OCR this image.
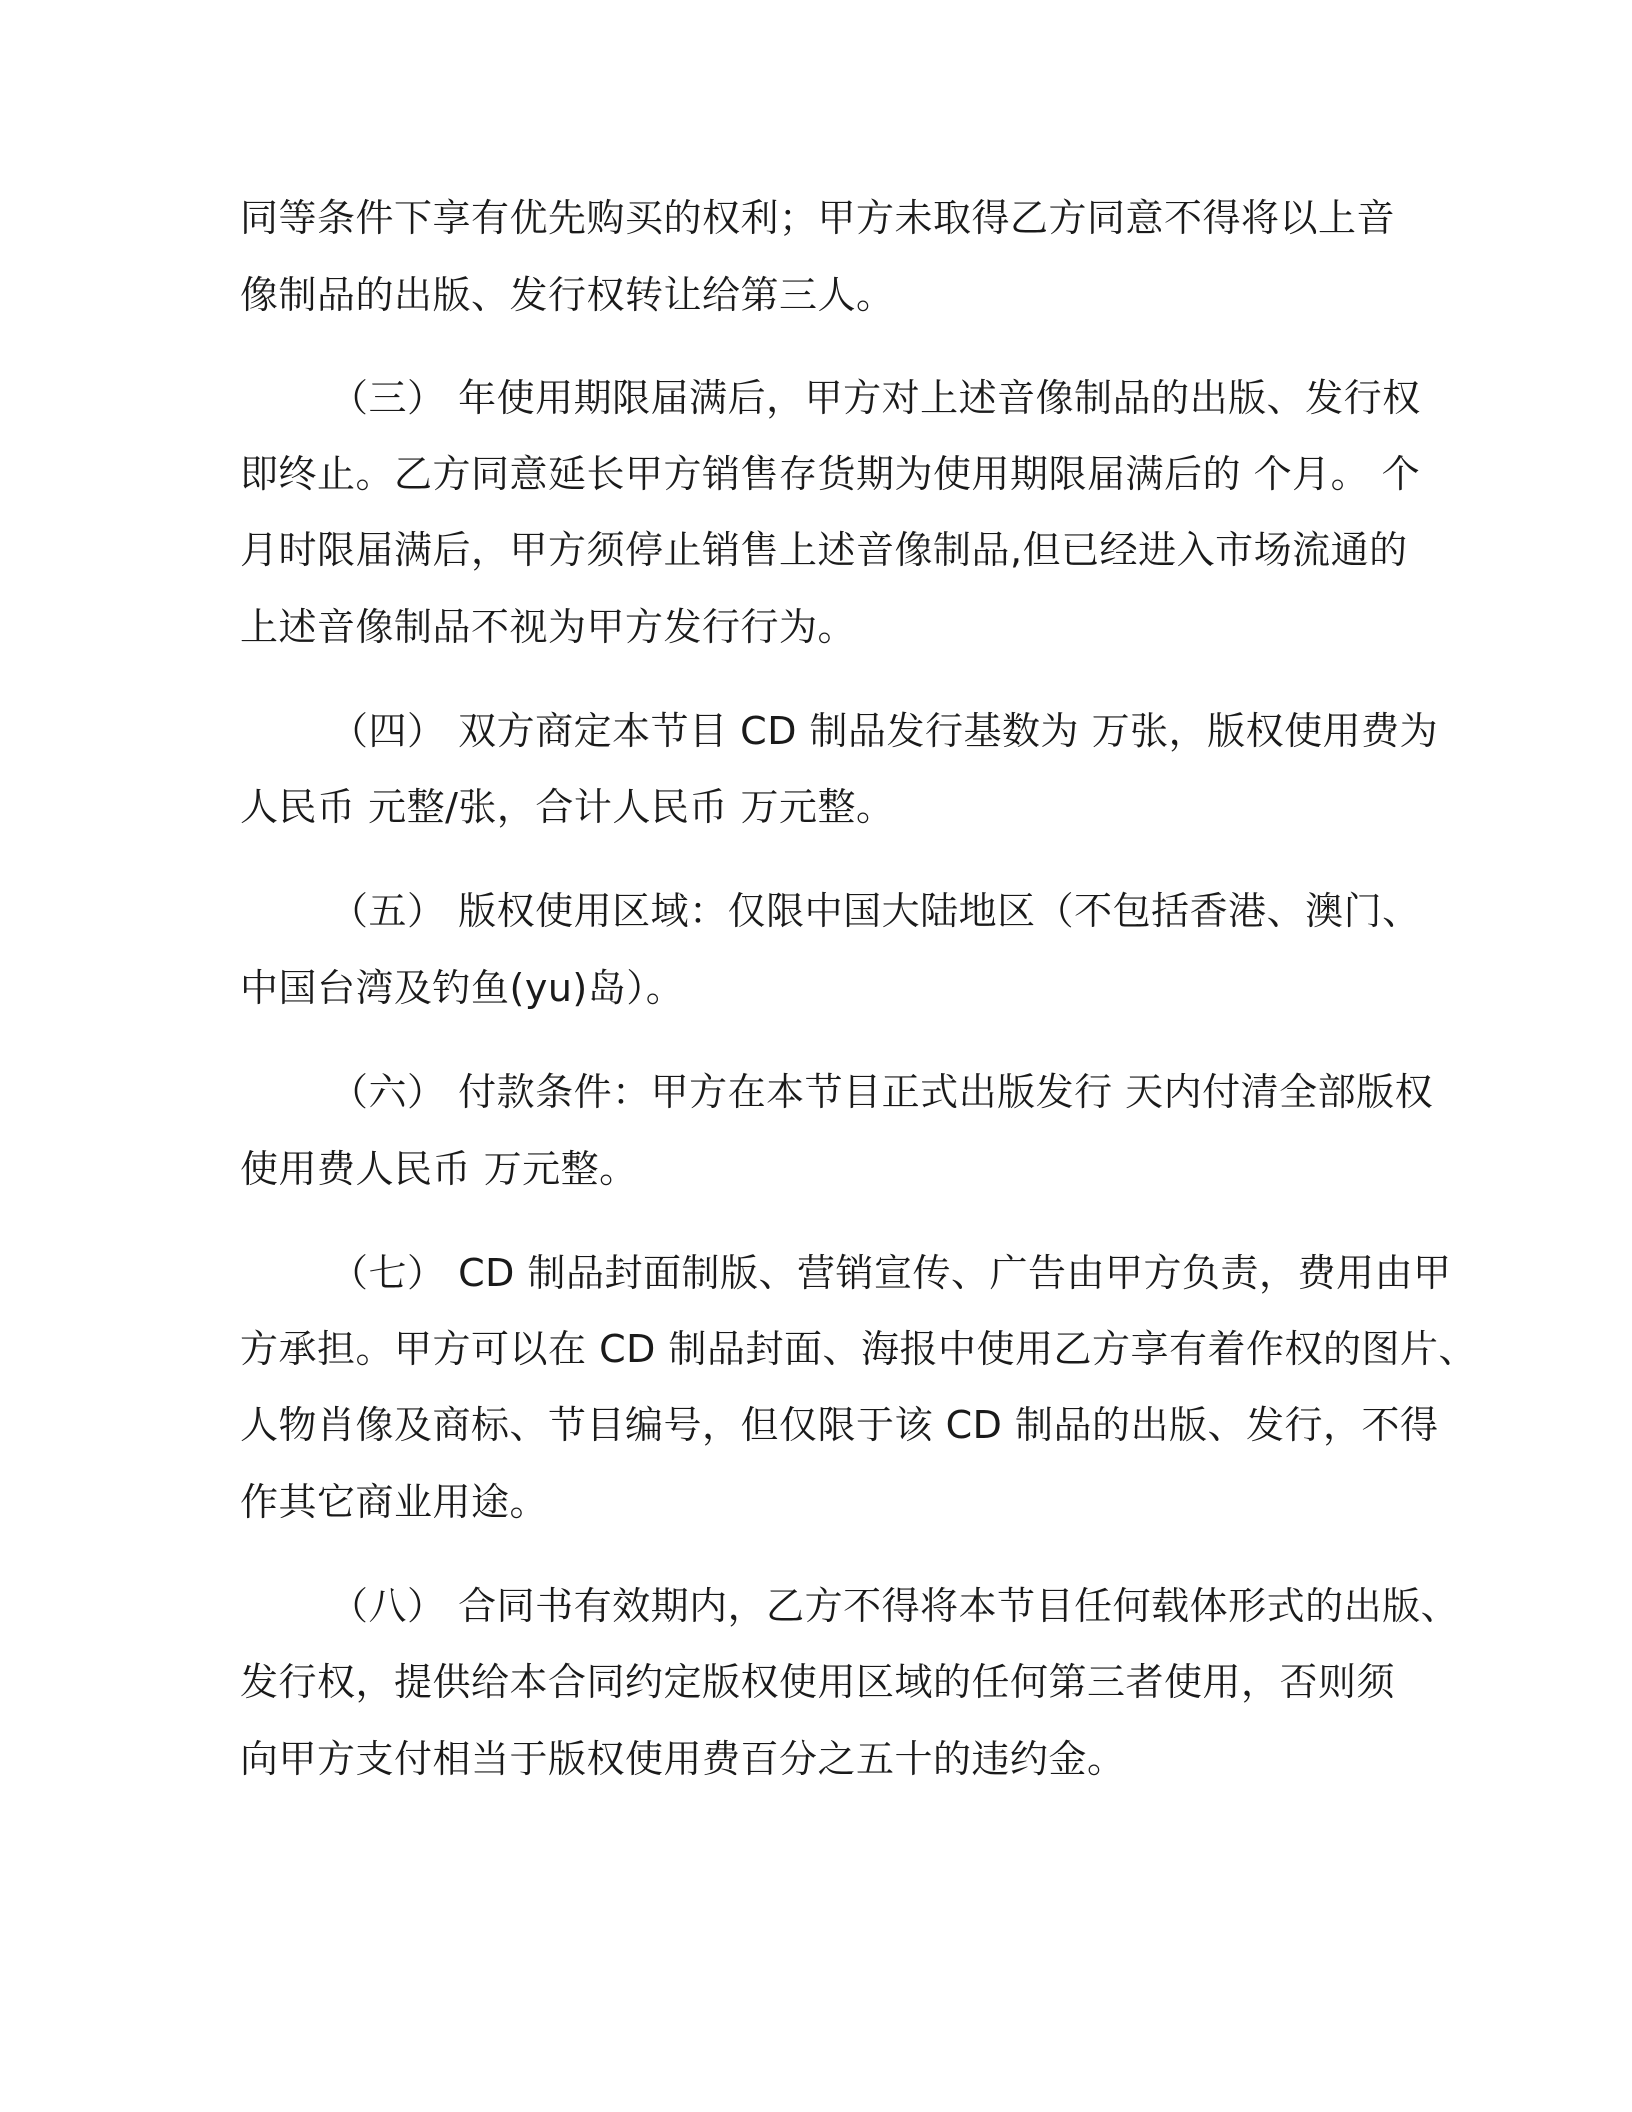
同等条件下享有优先购买的权利；甲方未取得乙方同意不得将以上音
像制品的出版、发行权转让给第三人。
（三） 年使用期限届满后，甲方对上述音像制品的出版、发行权
即终止。乙方同意延长甲方销售存货期为使用期限届满后的 个月。 个
月时限届满后，甲方须停止销售上述音像制品,但已经进入市场流通的
上述音像制品不视为甲方发行行为。
（四） 双方商定本节目 CD 制品发行基数为 万张，版权使用费为
人民币 元整/张，合计人民币 万元整。
（五） 版权使用区域：仅限中国大陆地区（不包括香港、澳门、
中国台湾及钓鱼(yu)岛）。
（六） 付款条件：甲方在本节目正式出版发行 天内付清全部版权
使用费人民币 万元整。
（七） CD 制品封面制版、营销宣传、广告由甲方负责，费用由甲
方承担。甲方可以在 CD 制品封面、海报中使用乙方享有着作权的图片、
人物肖像及商标、节目编号，但仅限于该 CD 制品的出版、发行，不得
作其它商业用途。
（八） 合同书有效期内，乙方不得将本节目任何载体形式的出版、
发行权，提供给本合同约定版权使用区域的任何第三者使用，否则须
向甲方支付相当于版权使用费百分之五十的违约金。
